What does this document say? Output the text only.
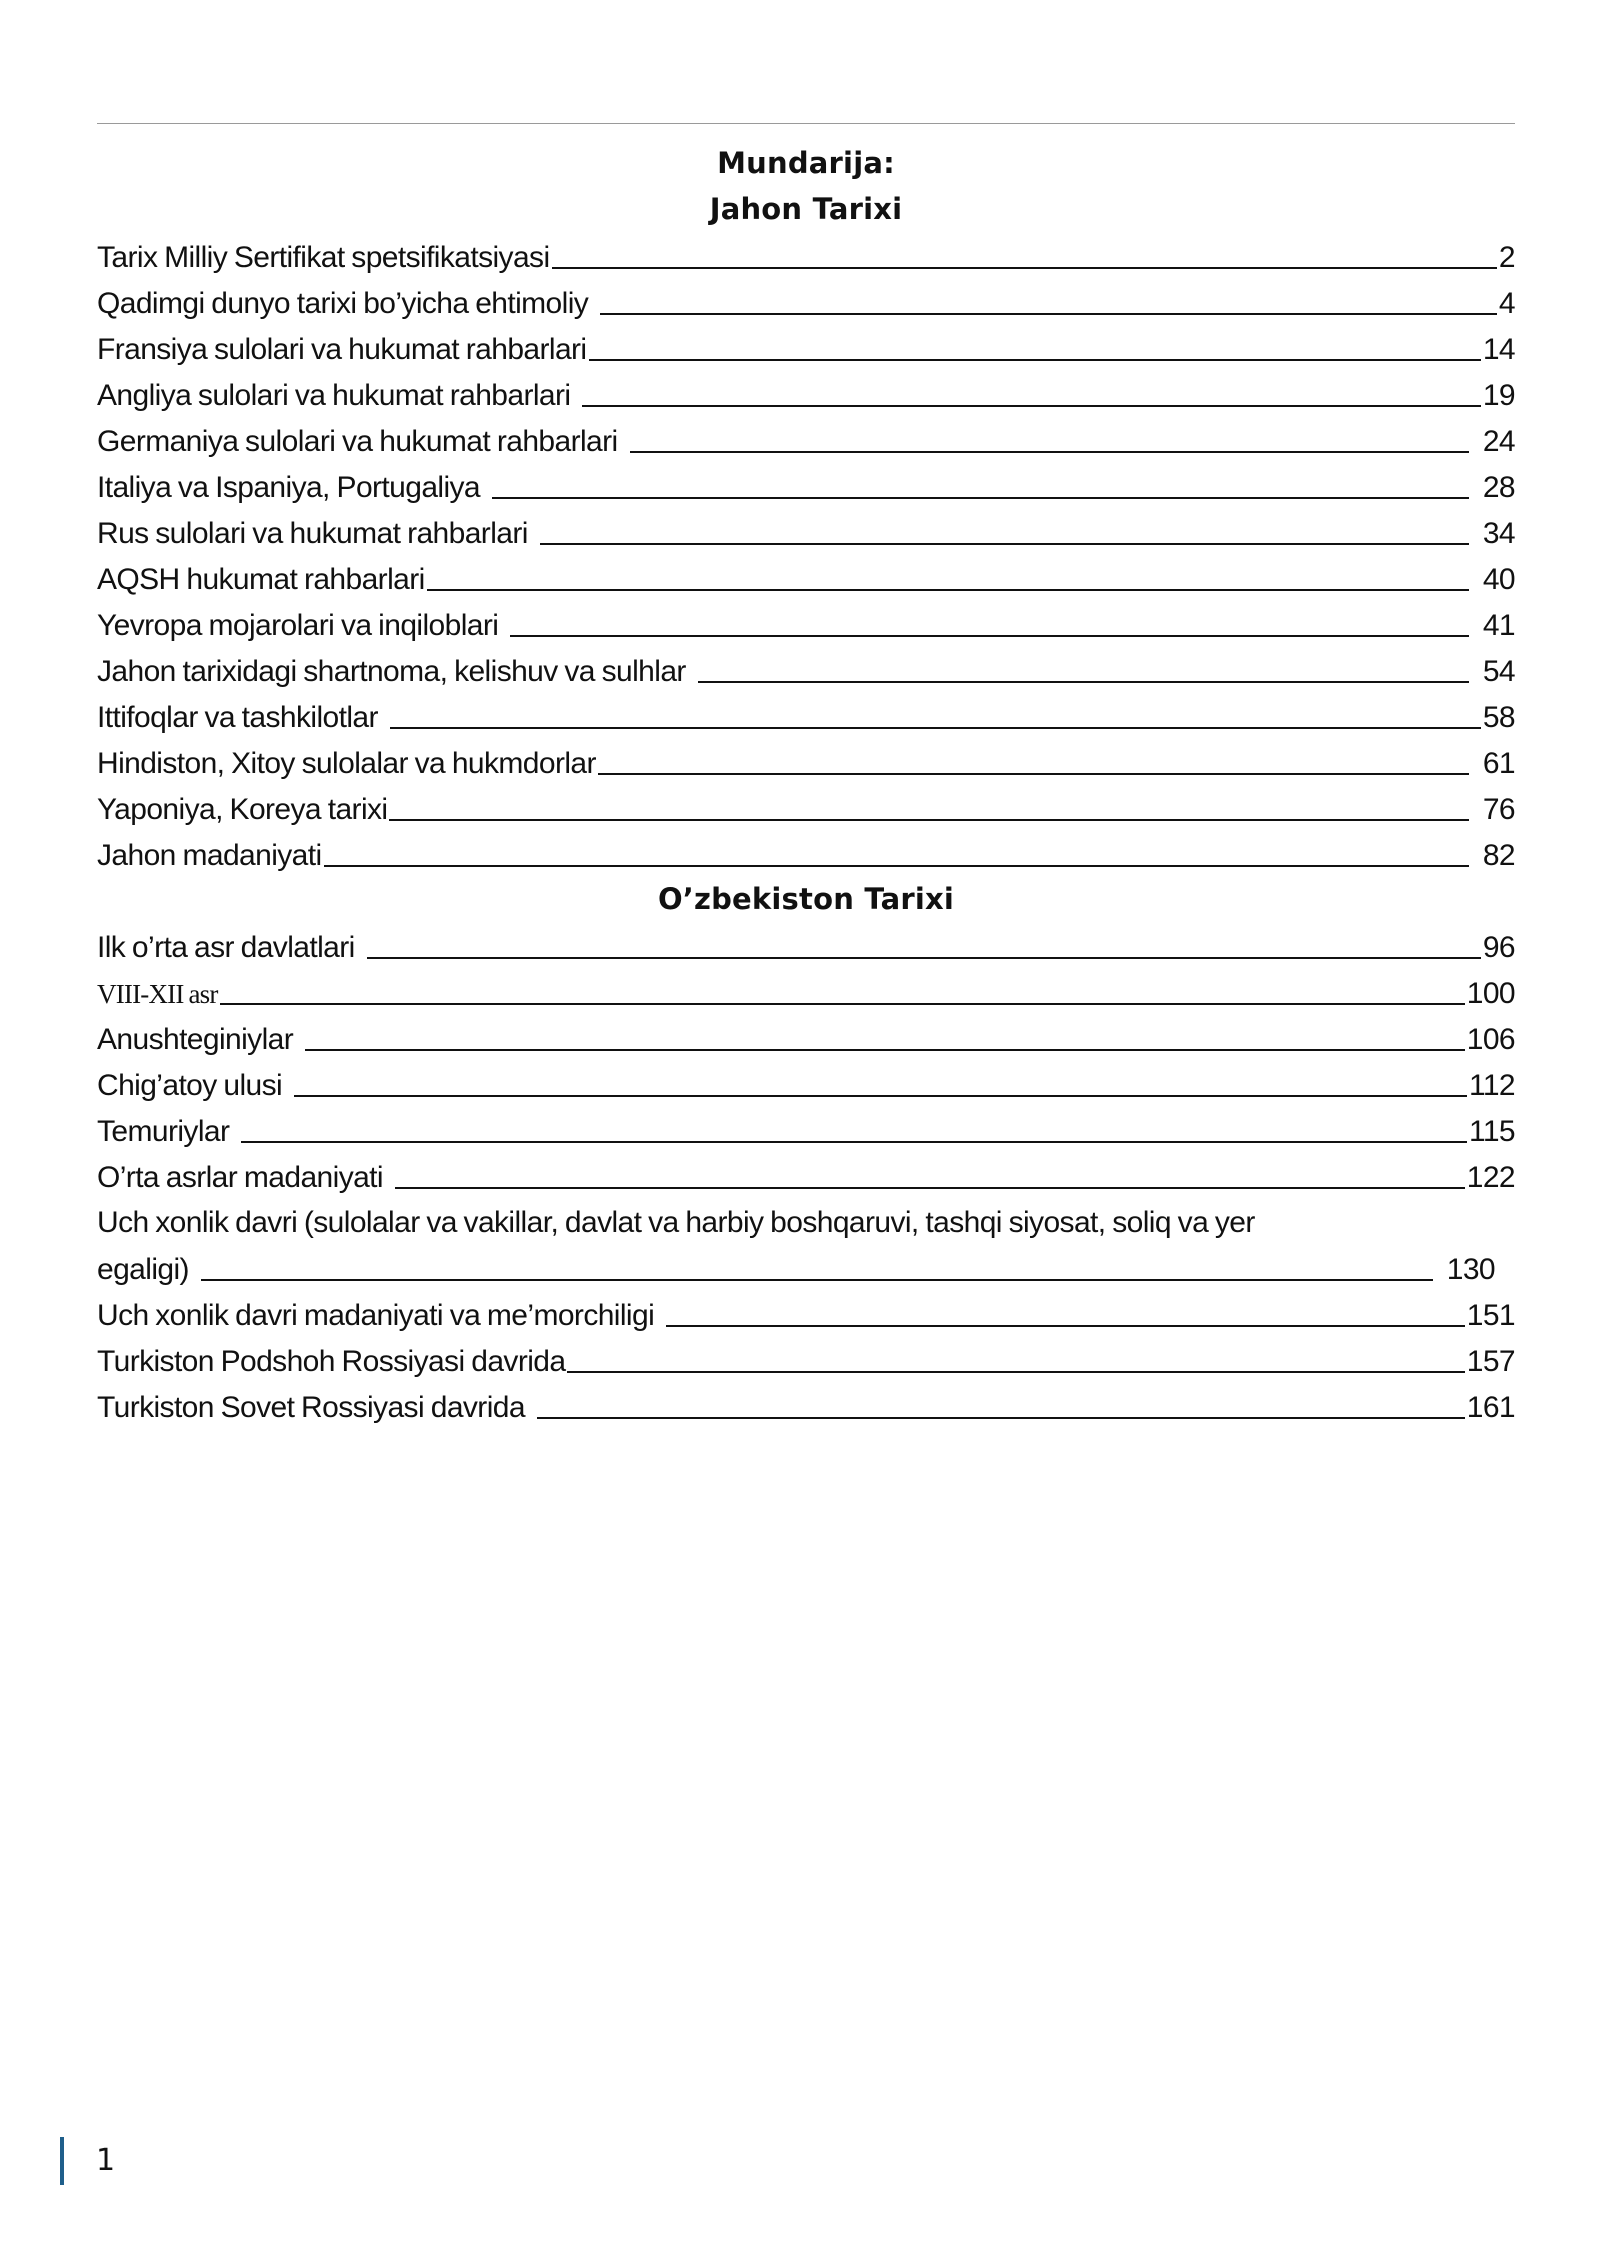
Mundarija:
Jahon Tarixi
Tarix Milliy Sertifikat spetsifikatsiyasi	2
Qadimgi dunyo tarixi bo’yicha ehtimoliy	4
Fransiya sulolari va hukumat rahbarlari	14
Angliya sulolari va hukumat rahbarlari	19
Germaniya sulolari va hukumat rahbarlari	24
Italiya va Ispaniya, Portugaliya	28
Rus sulolari va hukumat rahbarlari	34
AQSH hukumat rahbarlari	40
Yevropa mojarolari va inqiloblari	41
Jahon tarixidagi shartnoma, kelishuv va sulhlar	54
Ittifoqlar va tashkilotlar	58
Hindiston, Xitoy sulolalar va hukmdorlar	61
Yaponiya, Koreya tarixi	76
Jahon madaniyati	82
O’zbekiston Tarixi
Ilk o’rta asr davlatlari	96
VIII-XII asr	100
Anushteginiylar	106
Chig’atoy ulusi	112
Temuriylar	115
O’rta asrlar madaniyati	122
Uch xonlik davri (sulolalar va vakillar, davlat va harbiy boshqaruvi, tashqi siyosat, soliq va yer
egaligi)	130
Uch xonlik davri madaniyati va me’morchiligi	151
Turkiston Podshoh Rossiyasi davrida	157
Turkiston Sovet Rossiyasi davrida	161
1
